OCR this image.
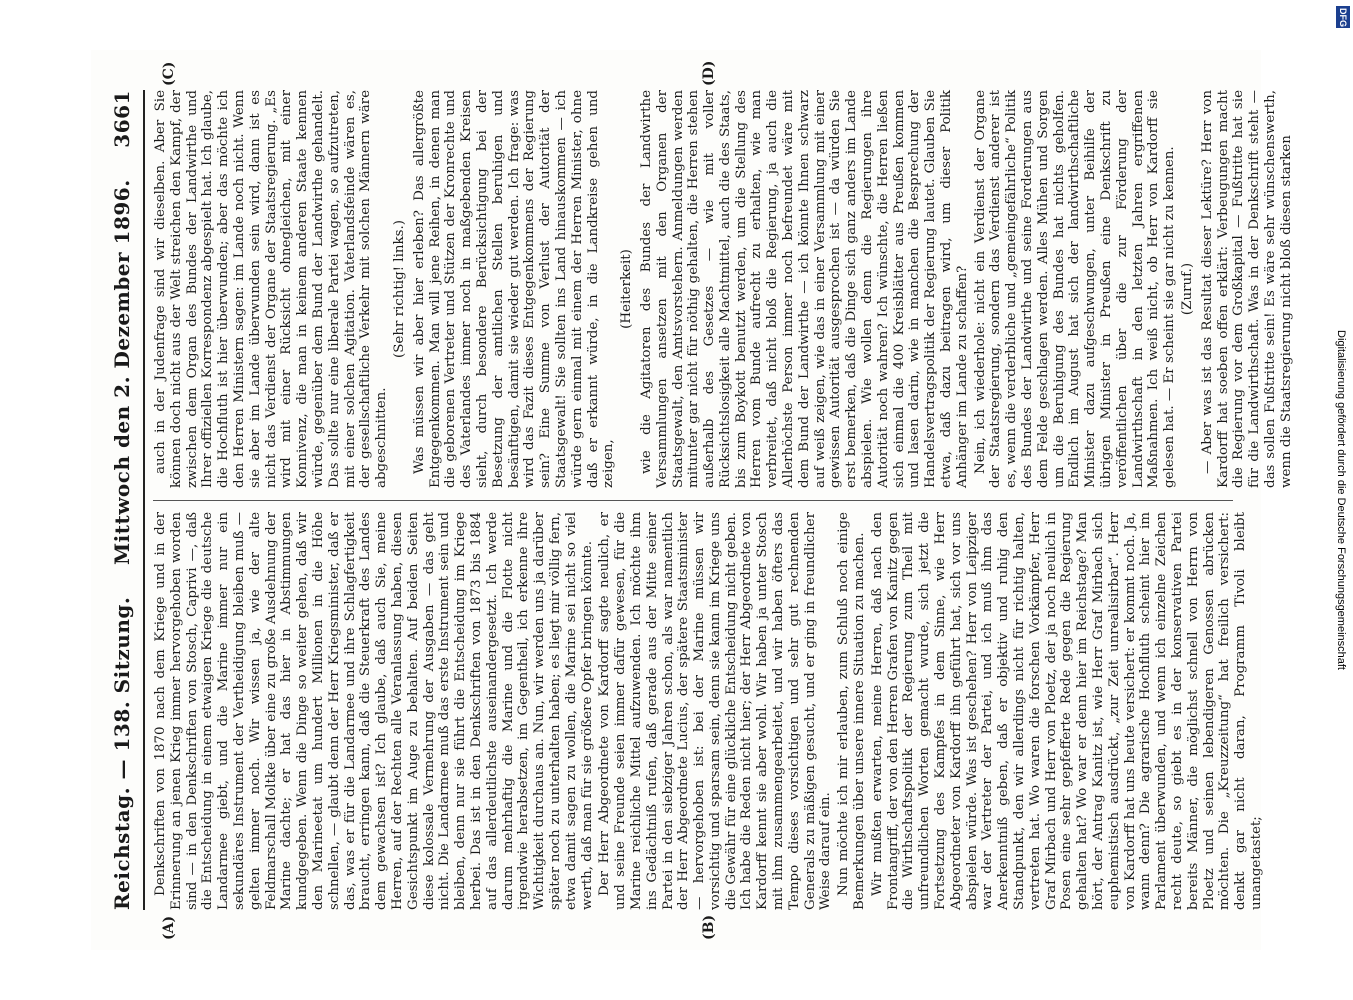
Reichstag. — 138. Sitzung.
Mittwoch den 2. Dezember 1896.
3661
(A)	(B)
(C)	(D)

Denkschriften von 1870 nach dem Kriege und in der Erinnerung an jenen Krieg immer hervorgehoben worden sind — in den Denkschriften von Stosch, Caprivi —, daß die Entscheidung in einem etwaigen Kriege die deutsche Landarmee giebt, und die Marine immer nur ein sekundäres Instrument der Vertheidigung bleiben muß — gelten immer noch. Wir wissen ja, wie der alte Feldmarschall Moltke über eine zu große Ausdehnung der Marine dachte; er hat das hier in Abstimmungen kundgegeben. Wenn die Dinge so weiter gehen, daß wir den Marineetat um hundert Millionen in die Höhe schnellen, — glaubt denn der Herr Kriegsminister, daß er das, was er für die Landarmee und ihre Schlagfertigkeit braucht, erringen kann, daß die Steuerkraft des Landes dem gewachsen ist? Ich glaube, daß auch Sie, meine Herren, auf der Rechten alle Veranlassung haben, diesen Gesichtspunkt im Auge zu behalten. Auf beiden Seiten diese kolossale Vermehrung der Ausgaben — das geht nicht. Die Landarmee muß das erste Instrument sein und bleiben, denn nur sie führt die Entscheidung im Kriege herbei. Das ist in den Denkschriften von 1873 bis 1884 auf das allerdeutlichste auseinandergesetzt. Ich werde darum mehrhaftig die Marine und die Flotte nicht irgendwie herabsetzen, im Gegentheil, ich erkenne ihre Wichtigkeit durchaus an. Nun, wir werden uns ja darüber später noch zu unterhalten haben; es liegt mir völlig fern, etwa damit sagen zu wollen, die Marine sei nicht so viel werth, daß man für sie größere Opfer bringen könnte. Der Herr Abgeordnete von Kardorff sagte neulich, er und seine Freunde seien immer dafür gewesen, für die Marine reichliche Mittel aufzuwenden. Ich möchte ihm ins Gedächtniß rufen, daß gerade aus der Mitte seiner Partei in den siebziger Jahren schon, als war namentlich der Herr Abgeordnete Lucius, der spätere Staatsminister — hervorgehoben ist: bei der Marine müssen wir vorsichtig und sparsam sein, denn sie kann im Kriege uns die Gewähr für eine glückliche Entscheidung nicht geben. Ich habe die Reden nicht hier; der Herr Abgeordnete von Kardorff kennt sie aber wohl. Wir haben ja unter Stosch mit ihm zusammengearbeitet, und wir haben öfters das Tempo dieses vorsichtigen und sehr gut rechnenden Generals zu mäßigen gesucht, und er ging in freundlicher Weise darauf ein. Nun möchte ich mir erlauben, zum Schluß noch einige Bemerkungen über unsere innere Situation zu machen. Wir mußten erwarten, meine Herren, daß nach den Frontangriff, der von den Herren Grafen von Kanitz gegen die Wirthschaftspolitik der Regierung zum Theil mit unfreundlichen Worten gemacht wurde, sich jetzt die Fortsetzung des Kampfes in dem Sinne, wie Herr Abgeordneter von Kardorff ihn geführt hat, sich vor uns abspielen würde. Was ist geschehen? Herr von Leipziger war der Vertreter der Partei, und ich muß ihm das Anerkenntniß geben, daß er objektiv und ruhig den Standpunkt, den wir allerdings nicht für richtig halten, vertreten hat. Wo waren die forschen Vorkämpfer, Herr Graf Mirbach und Herr von Ploetz, der ja noch neulich in Posen eine sehr gepfefferte Rede gegen die Regierung gehalten hat? Wo war er denn hier im Reichstage? Man hört, der Antrag Kanitz ist, wie Herr Graf Mirbach sich euphemistisch ausdrückt, „zur Zeit unrealisirbar“. Herr von Kardorff hat uns heute versichert: er kommt noch. Ja, wann denn? Die agrarische Hochfluth scheint hier im Parlament überwunden, und wenn ich einzelne Zeichen recht deute, so giebt es in der konservativen Partei bereits Männer, die möglichst schnell von Herrn von Ploetz und seinen lebendigeren Genossen abrücken möchten. Die „Kreuzzeitung“ hat freilich versichert: denkt gar nicht daran, Programm Tivoli bleibt unangetastet;

auch in der Judenfrage sind wir dieselben. Aber Sie können doch nicht aus der Welt streichen den Kampf, der zwischen dem Organ des Bundes der Landwirthe und Ihrer offiziellen Korrespondenz abgespielt hat. Ich glaube, die Hochfluth ist hier überwunden; aber das möchte ich den Herren Ministern sagen: im Lande noch nicht. Wenn sie aber im Lande überwunden sein wird, dann ist es nicht das Verdienst der Organe der Staatsregierung. „Es wird mit einer Rücksicht ohnegleichen, mit einer Konnivenz, die man in keinem anderen Staate kennen würde, gegenüber dem Bund der Landwirthe gehandelt. Das sollte nur eine liberale Partei wagen, so aufzutreten, mit einer solchen Agitation. Vaterlandsfeinde wären es, der gesellschaftliche Verkehr mit solchen Männern wäre abgeschnitten.

(Sehr richtig! links.) Was müssen wir aber hier erleben? Das allergrößte Entgegenkommen. Man will jene Reihen, in denen man die geborenen Vertreter und Stützen der Kronrechte und des Vaterlandes immer noch in maßgebenden Kreisen sieht, durch besondere Berücksichtigung bei der Besetzung der amtlichen Stellen beruhigen und besänftigen, damit sie wieder gut werden. Ich frage: was wird das Fazit dieses Entgegenkommens der Regierung sein? Eine Summe von Verlust der Autorität der Staatsgewalt! Sie sollten ins Land hinauskommen — ich würde gern einmal mit einem der Herren Minister, ohne daß er erkannt würde, in die Landkreise gehen und zeigen,

(Heiterkeit) wie die Agitatoren des Bundes der Landwirthe Versammlungen ansetzen mit den Organen der Staatsgewalt, den Amtsvorstehern. Anmeldungen werden mitunter gar nicht für nöthig gehalten, die Herren stehen außerhalb des Gesetzes — wie mit voller Rücksichtslosigkeit alle Machtmittel, auch die des Staats, bis zum Boykott benutzt werden, um die Stellung des Herren vom Bunde aufrecht zu erhalten, wie man verbreitet, daß nicht bloß die Regierung, ja auch die Allerhöchste Person immer noch befreundet wäre mit dem Bund der Landwirthe — ich könnte Ihnen schwarz auf weiß zeigen, wie das in einer Versammlung mit einer gewissen Autorität ausgesprochen ist — da würden Sie erst bemerken, daß die Dinge sich ganz anders im Lande abspielen. Wie wollen denn die Regierungen ihre Autorität noch wahren? Ich wünschte, die Herren ließen sich einmal die 400 Kreisblätter aus Preußen kommen und lasen darin, wie in manchen die Besprechung der Handelsvertragspolitik der Regierung lautet. Glauben Sie etwa, daß dazu beitragen wird, um dieser Politik Anhänger im Lande zu schaffen? Nein, ich wiederhole: nicht ein Verdienst der Organe der Staatsregierung, sondern das Verdienst anderer ist es, wenn die verderbliche und „gemeingefährliche“ Politik des Bundes der Landwirthe und seine Forderungen aus dem Felde geschlagen werden. Alles Mühen und Sorgen um die Beruhigung des Bundes hat nichts geholfen. Endlich im August hat sich der landwirthschaftliche Minister dazu aufgeschwungen, unter Beihilfe der übrigen Minister in Preußen eine Denkschrift zu veröffentlichen über die zur Förderung der Landwirthschaft in den letzten Jahren ergriffenen Maßnahmen. Ich weiß nicht, ob Herr von Kardorff sie gelesen hat. — Er scheint sie gar nicht zu kennen. (Zuruf.) — Aber was ist das Resultat dieser Lektüre? Herr von Kardorff hat soeben offen erklärt: Verbeugungen macht die Regierung vor dem Großkapital — Fußtritte hat sie für die Landwirthschaft. Was in der Denkschrift steht — das sollen Fußtritte sein! Es wäre sehr wünschenswerth, wenn die Staatsregierung nicht bloß diesen starken

DFG
Digitalisierung gefördert durch die Deutsche Forschungsgemeinschaft
